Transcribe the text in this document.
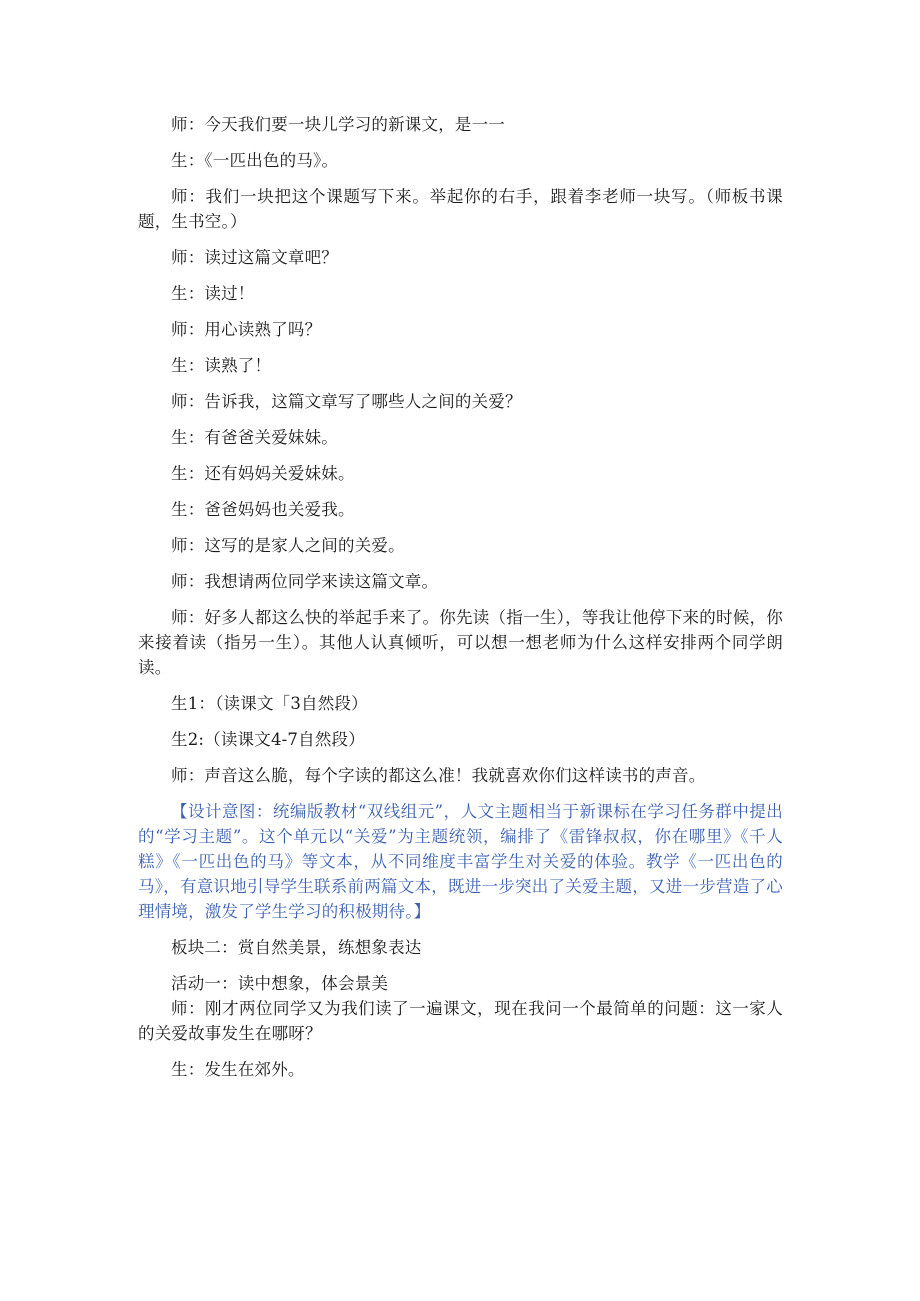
师：今天我们要一块儿学习的新课文，是一一

生：《一匹出色的马》。

师：我们一块把这个课题写下来。举起你的右手，跟着李老师一块写。（师板书课题，生书空。）

师：读过这篇文章吧？

生：读过！

师：用心读熟了吗？

生：读熟了！

师：告诉我，这篇文章写了哪些人之间的关爱？

生：有爸爸关爱妹妹。

生：还有妈妈关爱妹妹。

生：爸爸妈妈也关爱我。

师：这写的是家人之间的关爱。

师：我想请两位同学来读这篇文章。

师：好多人都这么快的举起手来了。你先读（指一生），等我让他停下来的时候，你来接着读（指另一生）。其他人认真倾听，可以想一想老师为什么这样安排两个同学朗读。

生1：（读课文「3自然段）

生2:（读课文4-7自然段）

师：声音这么脆，每个字读的都这么准！我就喜欢你们这样读书的声音。

【设计意图：统编版教材“双线组元”，人文主题相当于新课标在学习任务群中提出的“学习主题”。这个单元以“关爱”为主题统领，编排了《雷锋叔叔，你在哪里》《千人糕》《一匹出色的马》等文本，从不同维度丰富学生对关爱的体验。教学《一匹出色的马》，有意识地引导学生联系前两篇文本，既进一步突出了关爱主题，又进一步营造了心理情境，激发了学生学习的积极期待。】

板块二：赏自然美景，练想象表达

活动一：读中想象，体会景美

师：刚才两位同学又为我们读了一遍课文，现在我问一个最简单的问题：这一家人的关爱故事发生在哪呀？

生：发生在郊外。
